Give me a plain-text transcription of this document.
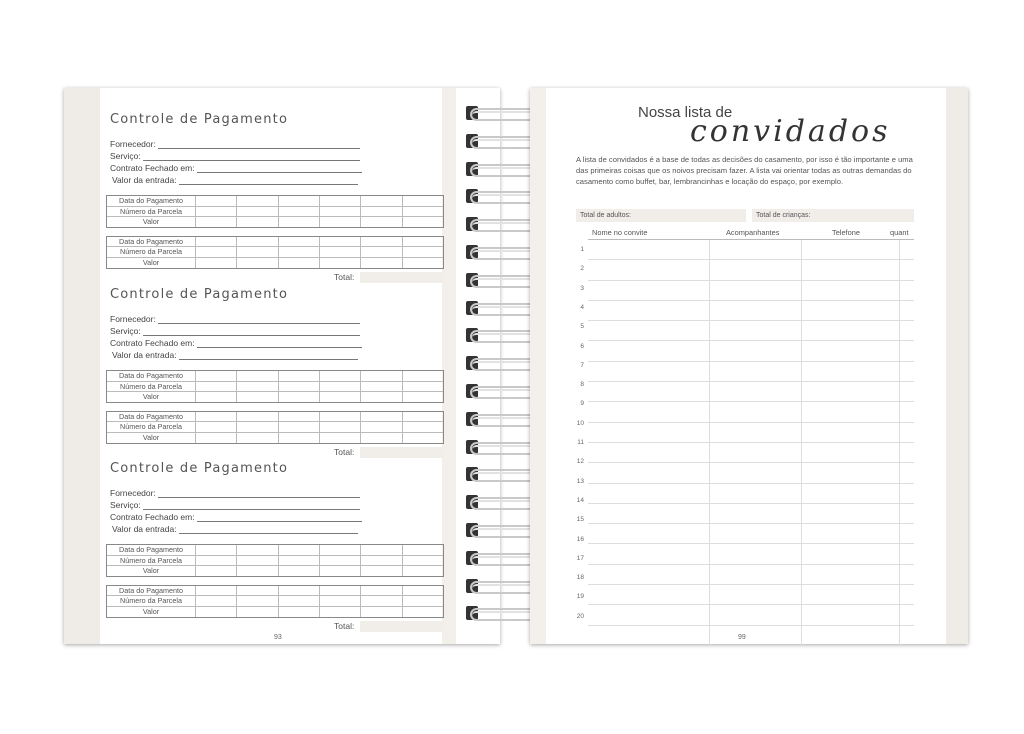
Controle de Pagamento
Fornecedor:
Serviço:
Contrato Fechado em:
Valor da entrada:
Data do Pagamento
Número da Parcela
Valor
Data do Pagamento
Número da Parcela
Valor
Total:
Controle de Pagamento
Fornecedor:
Serviço:
Contrato Fechado em:
Valor da entrada:
Data do Pagamento
Número da Parcela
Valor
Data do Pagamento
Número da Parcela
Valor
Total:
Controle de Pagamento
Fornecedor:
Serviço:
Contrato Fechado em:
Valor da entrada:
Data do Pagamento
Número da Parcela
Valor
Data do Pagamento
Número da Parcela
Valor
Total:
93
Nossa lista de
convidados
A lista de convidados é a base de todas as decisões do casamento, por isso é tão importante e uma das primeiras coisas que os noivos precisam fazer. A lista vai orientar todas as outras demandas do casamento como buffet, bar, lembrancinhas e locação do espaço, por exemplo.
Total de adultos:	Total de crianças:
Nome no convite	Acompanhantes	Telefone	quant
1
2
3
4
5
6
7
8
9
10
11
12
13
14
15
16
17
18
19
20
99
